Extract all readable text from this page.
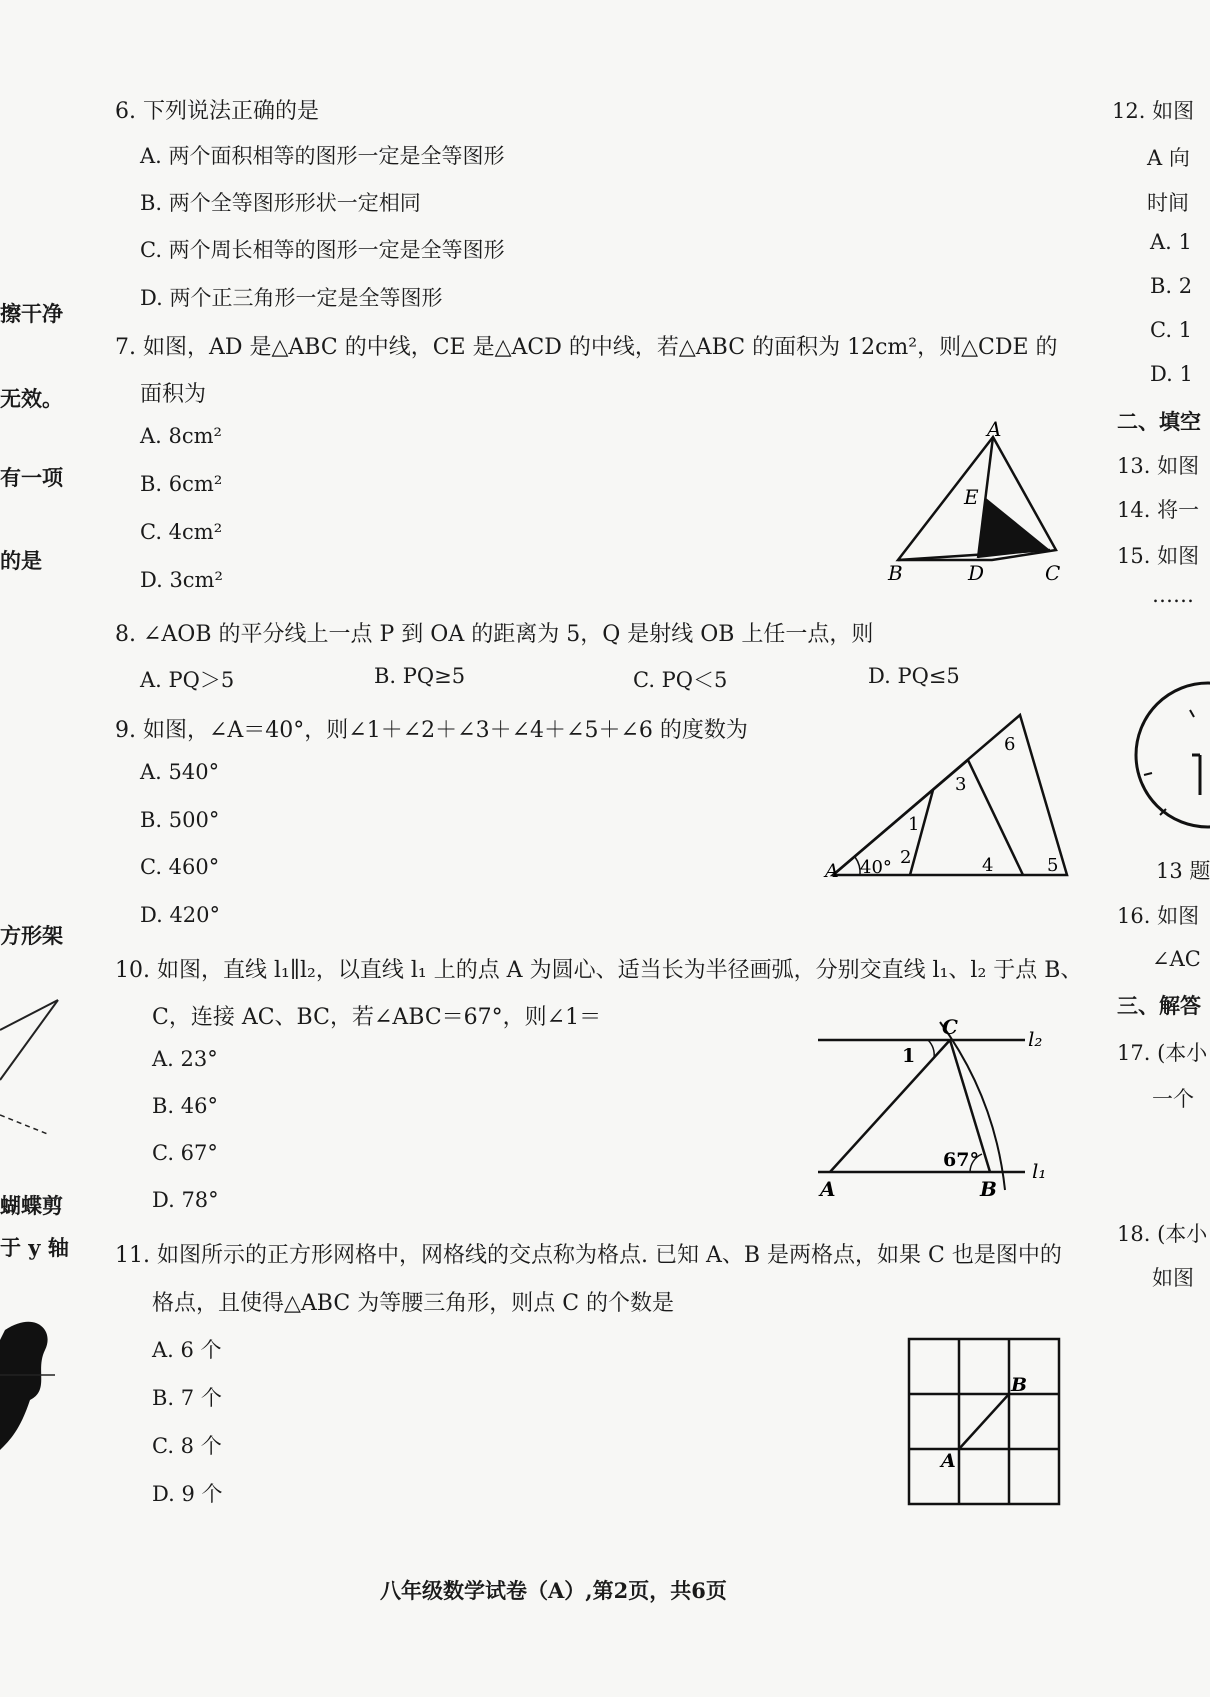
擦干净
无效。
有一项
的是
方形架
蝴蝶剪
于 y 轴
6. 下列说法正确的是
A. 两个面积相等的图形一定是全等图形
B. 两个全等图形形状一定相同
C. 两个周长相等的图形一定是全等图形
D. 两个正三角形一定是全等图形
7. 如图，AD 是△ABC 的中线，CE 是△ACD 的中线，若△ABC 的面积为 12cm²，则△CDE 的
面积为
A. 8cm²
B. 6cm²
C. 4cm²
D. 3cm²
A
E
B	D	C
8. ∠AOB 的平分线上一点 P 到 OA 的距离为 5，Q 是射线 OB 上任一点，则
A. PQ＞5	B. PQ≥5	C. PQ＜5	D. PQ≤5
9. 如图，∠A＝40°，则∠1＋∠2＋∠3＋∠4＋∠5＋∠6 的度数为
A. 540°
B. 500°
C. 460°
D. 420°
A 40°
1
2
3
4	5
6
10. 如图，直线 l₁∥l₂，以直线 l₁ 上的点 A 为圆心、适当长为半径画弧，分别交直线 l₁、l₂ 于点 B、
C，连接 AC、BC，若∠ABC＝67°，则∠1＝
A. 23°
B. 46°
C. 67°
D. 78°
C	l₂
1
67°
A	B
l₁
11. 如图所示的正方形网格中，网格线的交点称为格点. 已知 A、B 是两格点，如果 C 也是图中的
格点，且使得△ABC 为等腰三角形，则点 C 的个数是
A. 6 个
B. 7 个
C. 8 个
D. 9 个
B
A
12. 如图
A 向
时间
A. 1
B. 2
C. 1
D. 1
二、填空
13. 如图
14. 将一
15. 如图
……
13 题
16. 如图
∠AC
三、解答
17. (本小
一个
18. (本小
如图
八年级数学试卷（A）,第2页，共6页
